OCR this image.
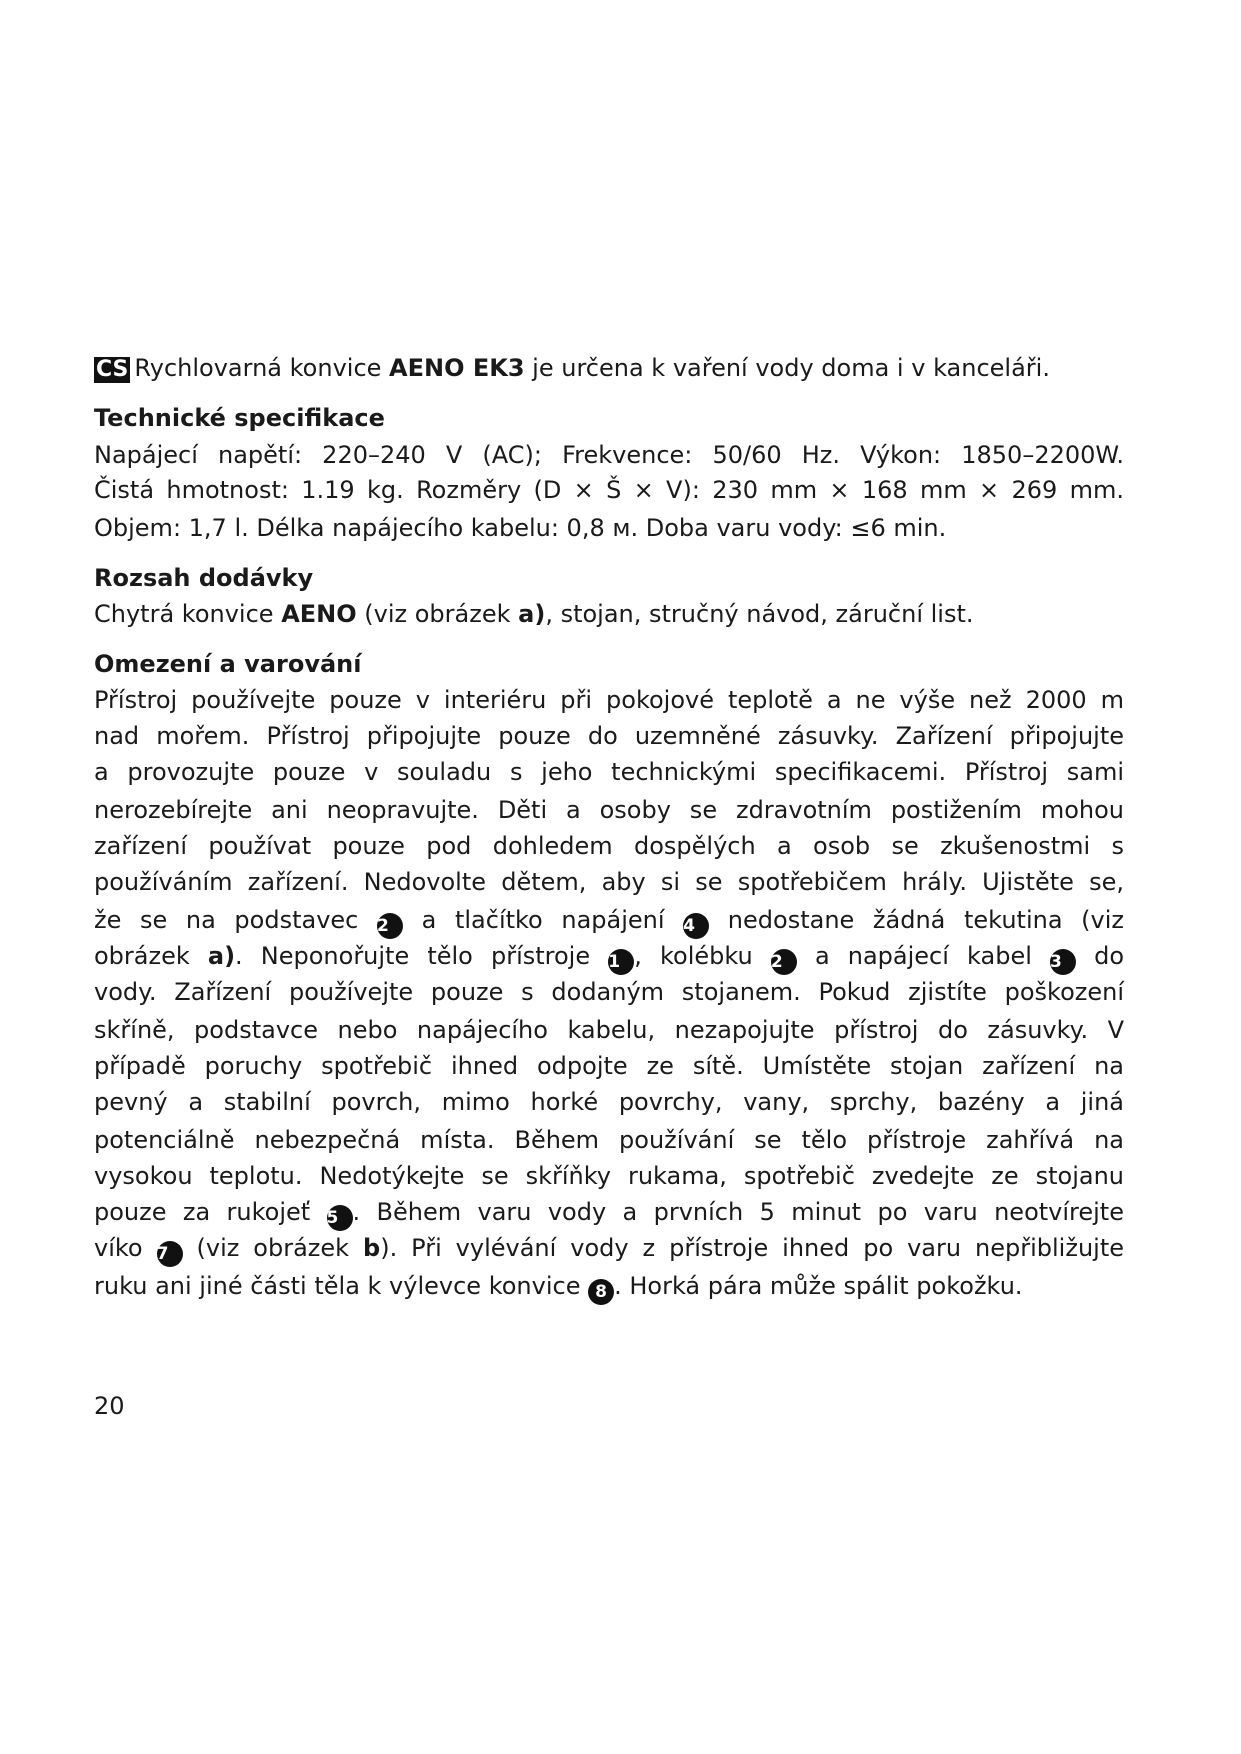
CS Rychlovarná konvice AENO EK3 je určena k vaření vody doma i v kanceláři.
Technické specifikace
Napájecí napětí: 220–240 V (AC); Frekvence: 50/60 Hz. Výkon: 1850–2200W.
Čistá hmotnost: 1.19 kg. Rozměry (D × Š × V): 230 mm × 168 mm × 269 mm.
Objem: 1,7 l. Délka napájecího kabelu: 0,8 м. Doba varu vody: ≤6 min.
Rozsah dodávky
Chytrá konvice AENO (viz obrázek a), stojan, stručný návod, záruční list.
Omezení a varování
Přístroj používejte pouze v interiéru při pokojové teplotě a ne výše než 2000 m
nad mořem. Přístroj připojujte pouze do uzemněné zásuvky. Zařízení připojujte
a provozujte pouze v souladu s jeho technickými specifikacemi. Přístroj sami
nerozebírejte ani neopravujte. Děti a osoby se zdravotním postižením mohou
zařízení používat pouze pod dohledem dospělých a osob se zkušenostmi s
používáním zařízení. Nedovolte dětem, aby si se spotřebičem hrály. Ujistěte se,
že se na podstavec 2 a tlačítko napájení 4 nedostane žádná tekutina (viz
obrázek a). Neponořujte tělo přístroje 1 , kolébku 2 a napájecí kabel 3 do
vody. Zařízení používejte pouze s dodaným stojanem. Pokud zjistíte poškození
skříně, podstavce nebo napájecího kabelu, nezapojujte přístroj do zásuvky. V
případě poruchy spotřebič ihned odpojte ze sítě. Umístěte stojan zařízení na
pevný a stabilní povrch, mimo horké povrchy, vany, sprchy, bazény a jiná
potenciálně nebezpečná místa. Během používání se tělo přístroje zahřívá na
vysokou teplotu. Nedotýkejte se skříňky rukama, spotřebič zvedejte ze stojanu
pouze za rukojeť 5 . Během varu vody a prvních 5 minut po varu neotvírejte
víko 7 (viz obrázek b). Při vylévání vody z přístroje ihned po varu nepřibližujte
ruku ani jiné části těla k výlevce konvice 8 . Horká pára může spálit pokožku.
20
